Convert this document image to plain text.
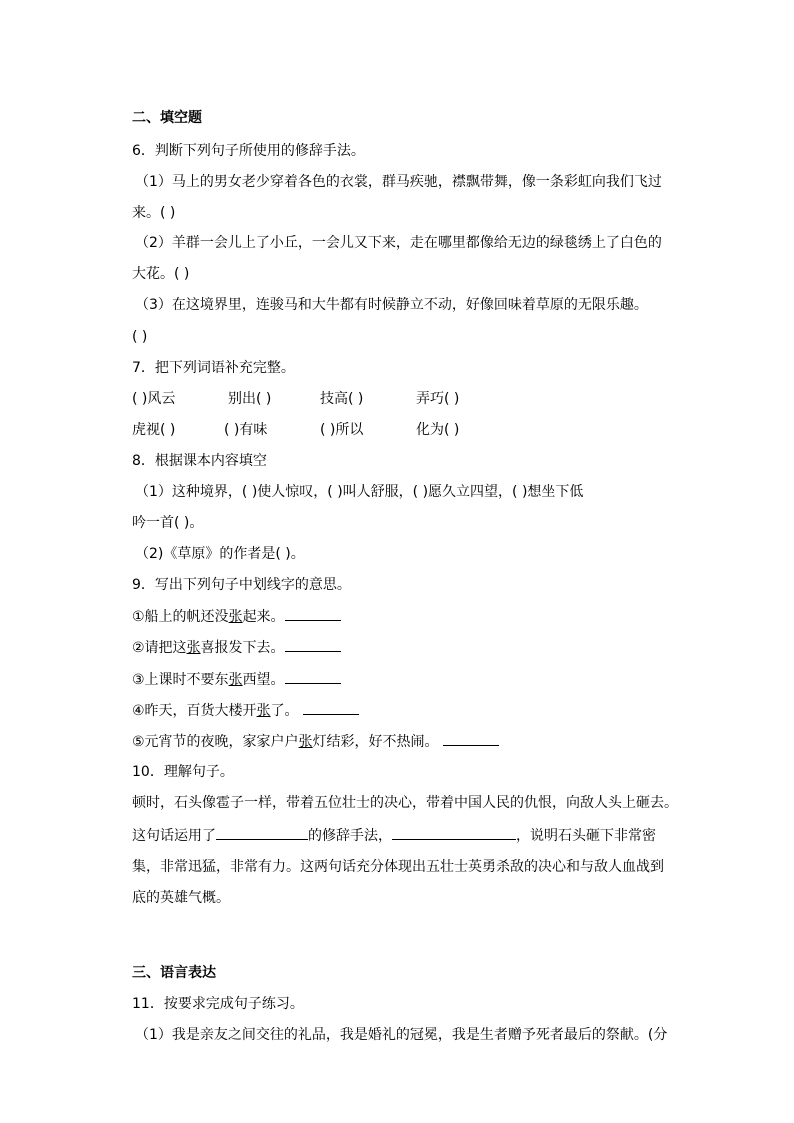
二、填空题
6．判断下列句子所使用的修辞手法。
（1）马上的男女老少穿着各色的衣裳，群马疾驰，襟飘带舞，像一条彩虹向我们飞过
来。( )
（2）羊群一会儿上了小丘，一会儿又下来，走在哪里都像给无边的绿毯绣上了白色的
大花。( )
（3）在这境界里，连骏马和大牛都有时候静立不动，好像回味着草原的无限乐趣。
( )
7．把下列词语补充完整。
( )风云	别出( )	技高( )	弄巧( )
虎视( )	( )有味	( )所以	化为( )
8．根据课本内容填空
（1）这种境界，( )使人惊叹，( )叫人舒服，( )愿久立四望，( )想坐下低
吟一首( )。
（2)《草原》的作者是( )。
9．写出下列句子中划线字的意思。
①船上的帆还没张起来。
②请把这张喜报发下去。
③上课时不要东张西望。
④昨天，百货大楼开张了。
⑤元宵节的夜晚，家家户户张灯结彩，好不热闹。
10．理解句子。
顿时，石头像雹子一样，带着五位壮士的决心，带着中国人民的仇恨，向敌人头上砸去。
这句话运用了	的修辞手法，	，说明石头砸下非常密
集，非常迅猛，非常有力。这两句话充分体现出五壮士英勇杀敌的决心和与敌人血战到
底的英雄气概。
三、语言表达
11．按要求完成句子练习。
（1）我是亲友之间交往的礼品，我是婚礼的冠冕，我是生者赠予死者最后的祭献。(分
